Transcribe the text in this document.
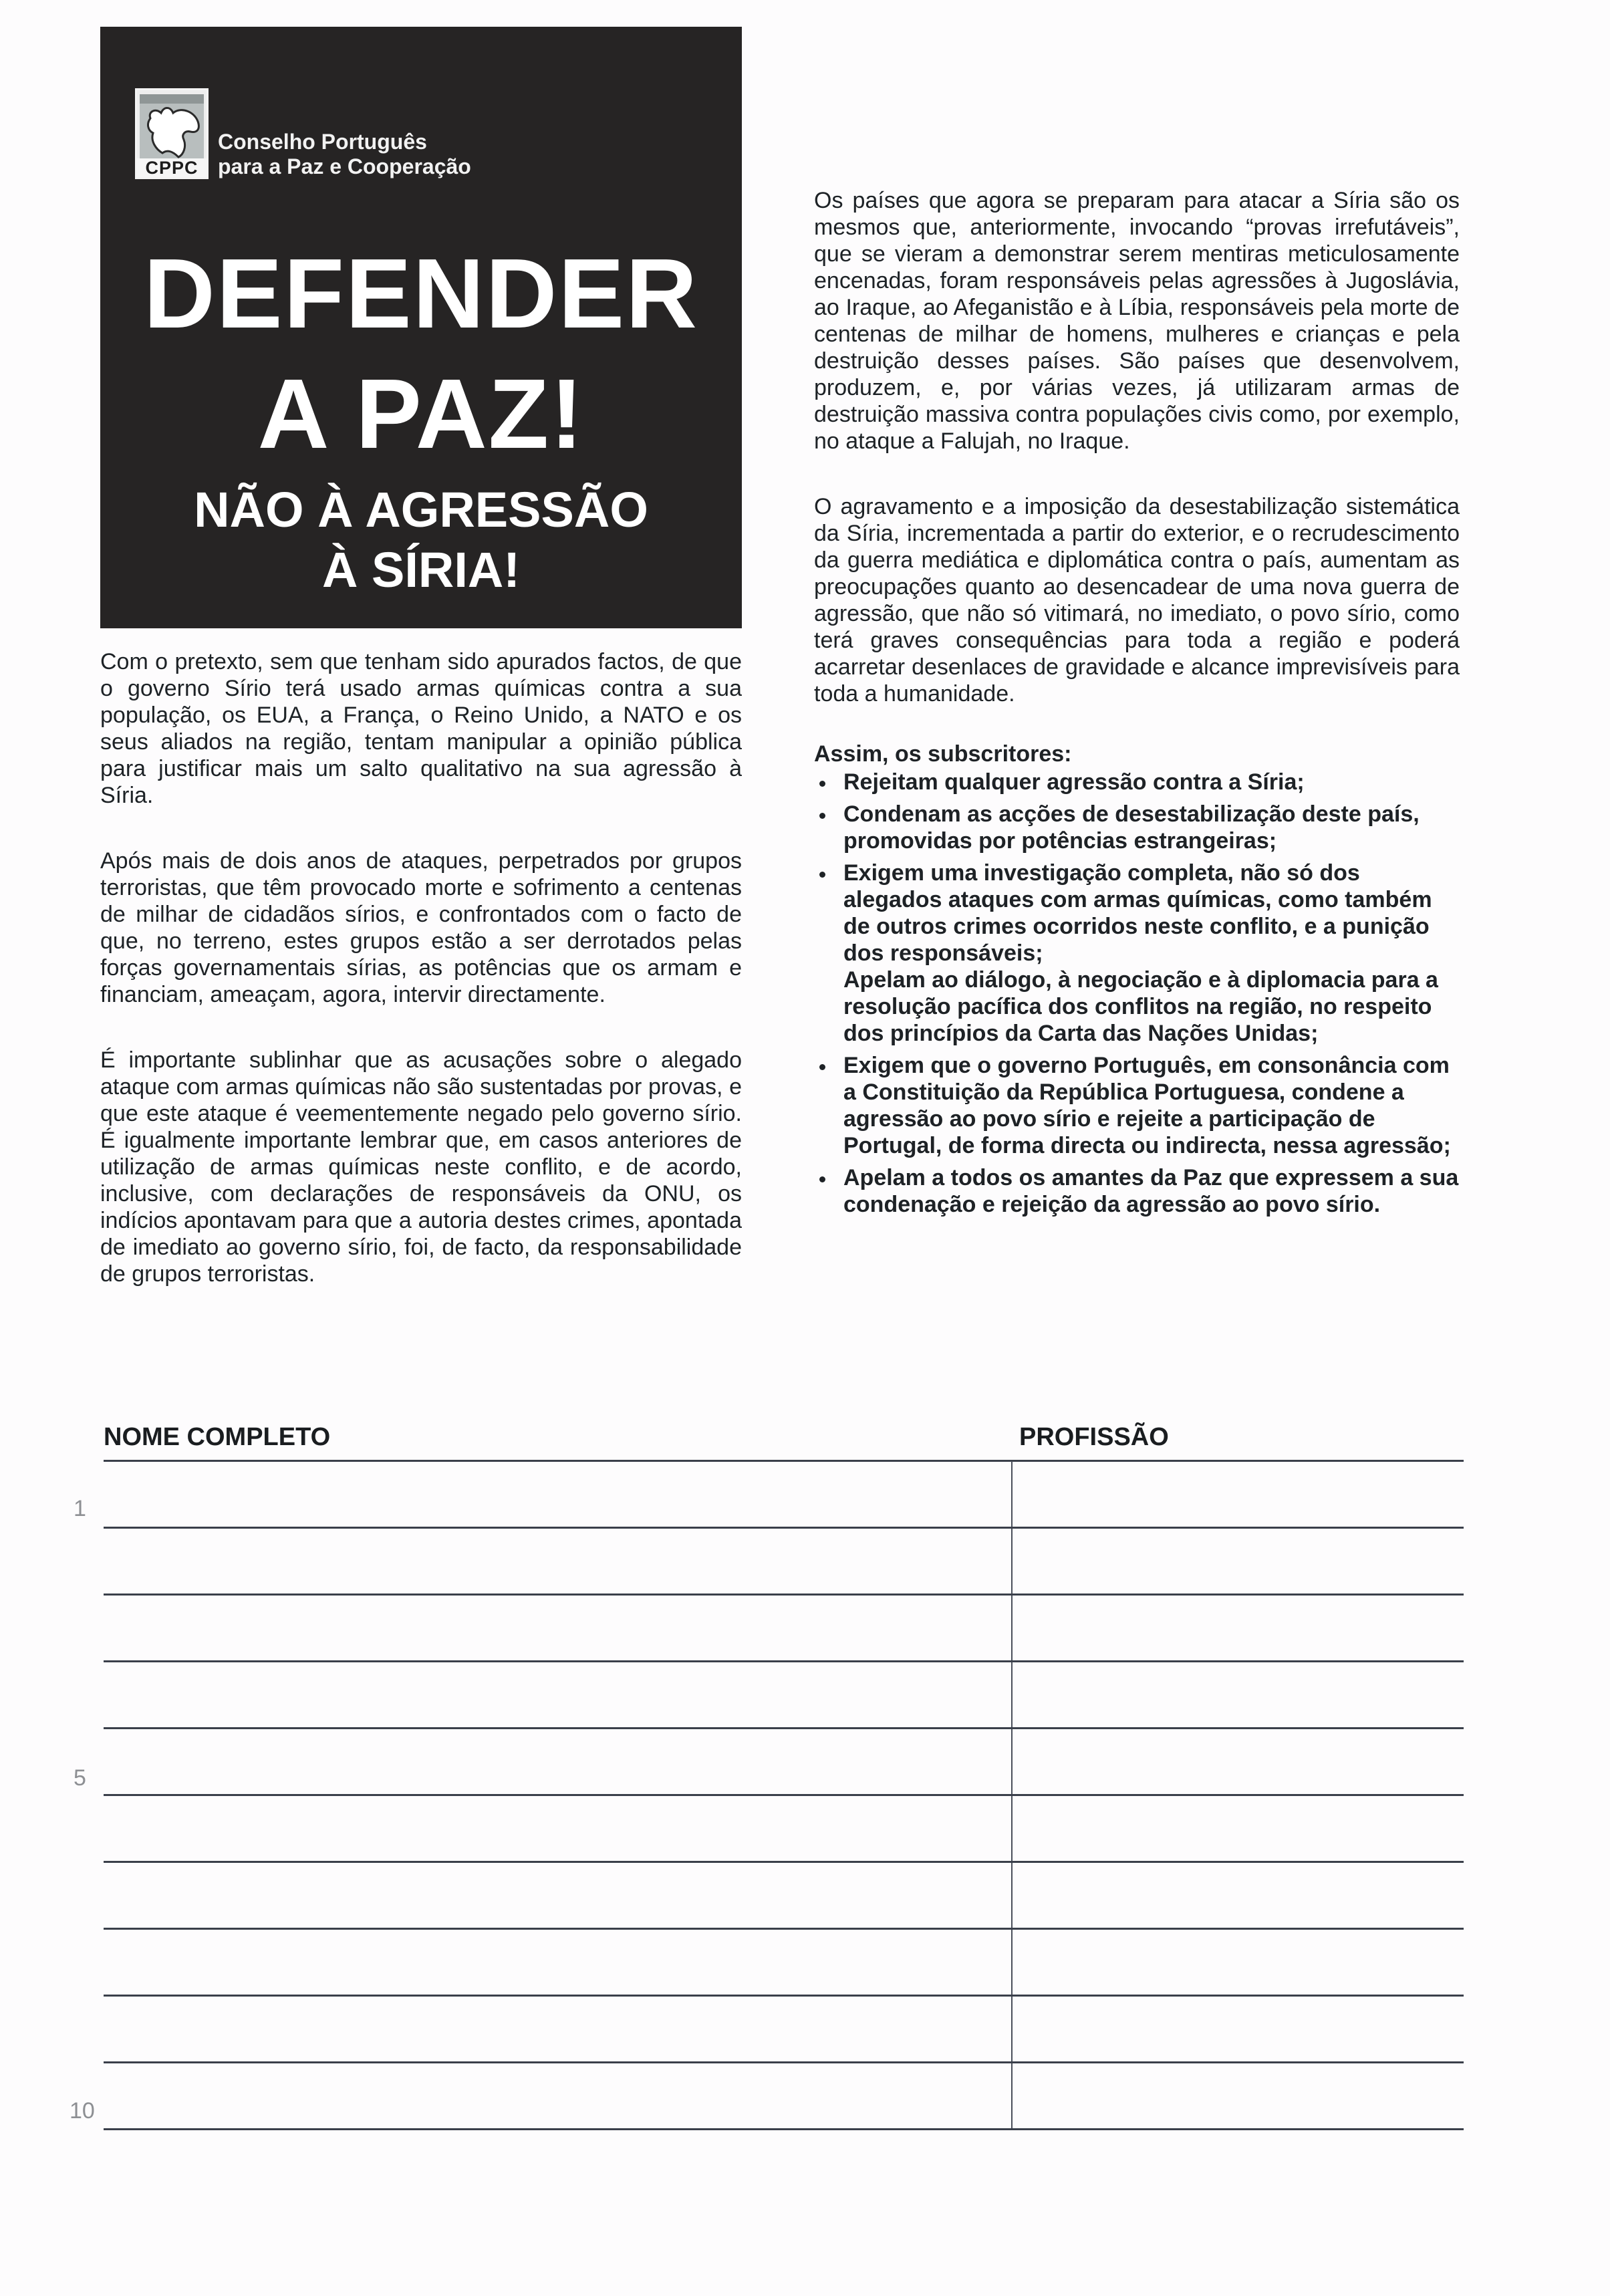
CPPC
Conselho Português
para a Paz e Cooperação
DEFENDER
A PAZ!
NÃO À AGRESSÃO
À SÍRIA!

Com o pretexto, sem que tenham sido apurados factos, de que o governo Sírio terá usado armas químicas contra a sua população, os EUA, a França, o Reino Unido, a NATO e os seus aliados na região, tentam manipular a opinião pública para justificar mais um salto qualitativo na sua agressão à Síria.

Após mais de dois anos de ataques, perpetrados por grupos terroristas, que têm provocado morte e sofrimento a centenas de milhar de cidadãos sírios, e confrontados com o facto de que, no terreno, estes grupos estão a ser derrotados pelas forças governamentais sírias, as potências que os armam e financiam, ameaçam, agora, intervir directamente.

É importante sublinhar que as acusações sobre o alegado ataque com armas químicas não são sustentadas por provas, e que este ataque é veementemente negado pelo governo sírio. É igualmente importante lembrar que, em casos anteriores de utilização de armas químicas neste conflito, e de acordo, inclusive, com declarações de responsáveis da ONU, os indícios apontavam para que a autoria destes crimes, apontada de imediato ao governo sírio, foi, de facto, da responsabilidade de grupos terroristas.

Os países que agora se preparam para atacar a Síria são os mesmos que, anteriormente, invocando “provas irrefutáveis”, que se vieram a demonstrar serem mentiras meticulosamente encenadas, foram responsáveis pelas agressões à Jugoslávia, ao Iraque, ao Afeganistão e à Líbia, responsáveis pela morte de centenas de milhar de homens, mulheres e crianças e pela destruição desses países. São países que desenvolvem, produzem, e, por várias vezes, já utilizaram armas de destruição massiva contra populações civis como, por exemplo, no ataque a Falujah, no Iraque.

O agravamento e a imposição da desestabilização sistemática da Síria, incrementada a partir do exterior, e o recrudescimento da guerra mediática e diplomática contra o país, aumentam as preocupações quanto ao desencadear de uma nova guerra de agressão, que não só vitimará, no imediato, o povo sírio, como terá graves consequências para toda a região e poderá acarretar desenlaces de gravidade e alcance imprevisíveis para toda a humanidade.

Assim, os subscritores:
Rejeitam qualquer agressão contra a Síria;
Condenam as acções de desestabilização deste país, promovidas por potências estrangeiras;
Exigem uma investigação completa, não só dos alegados ataques com armas químicas, como também de outros crimes ocorridos neste conflito, e a punição dos responsáveis;
Apelam ao diálogo, à negociação e à diplomacia para a resolução pacífica dos conflitos na região, no respeito dos princípios da Carta das Nações Unidas;
Exigem que o governo Português, em consonância com a Constituição da República Portuguesa, condene a agressão ao povo sírio e rejeite a participação de Portugal, de forma directa ou indirecta, nessa agressão;
Apelam a todos os amantes da Paz que expressem a sua condenação e rejeição da agressão ao povo sírio.
NOME COMPLETO	PROFISSÃO
1
5
10
